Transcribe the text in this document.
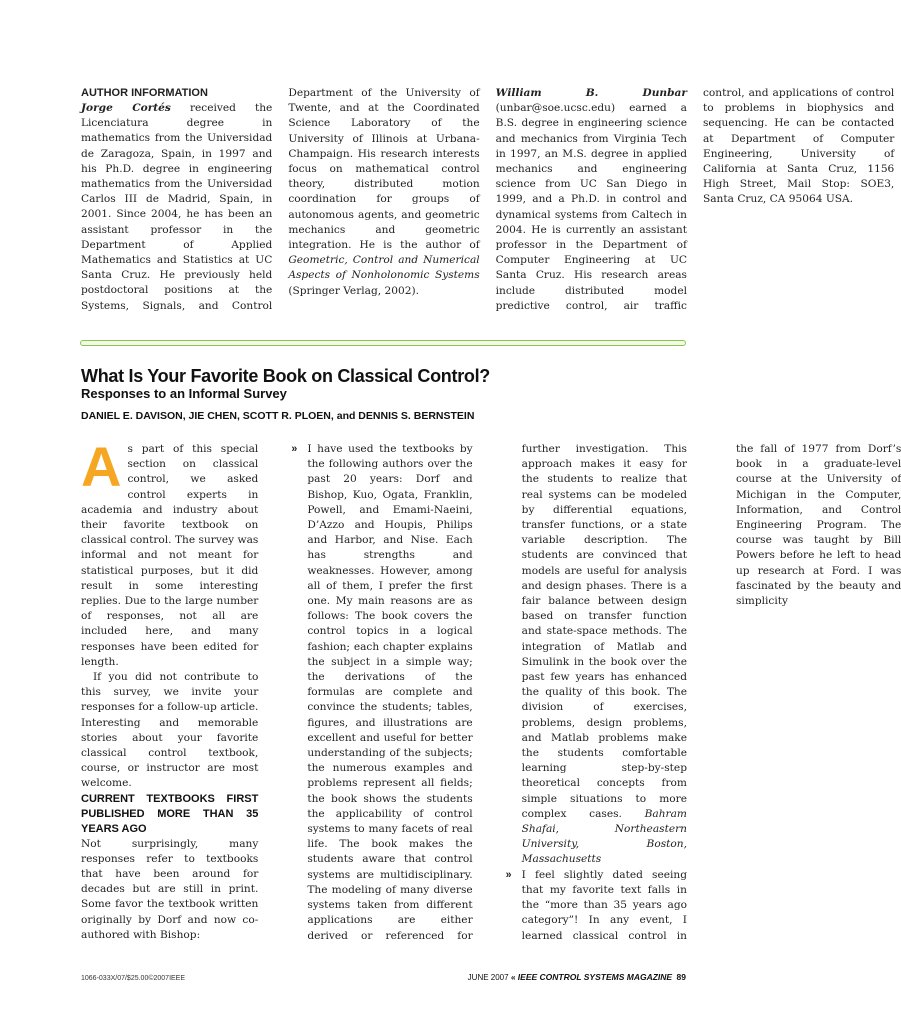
AUTHOR INFORMATION

Jorge Cortés received the Licenciatura degree in mathematics from the Universidad de Zaragoza, Spain, in 1997 and his Ph.D. degree in engineering mathematics from the Universidad Carlos III de Madrid, Spain, in 2001. Since 2004, he has been an assistant professor in the Department of Applied Mathematics and Statistics at UC Santa Cruz. He previously held postdoctoral positions at the Systems, Signals, and Control Department of the University of Twente, and at the Coordinated Science Laboratory of the University of Illinois at Urbana-Champaign. His research interests focus on mathematical control theory, distributed motion coordination for groups of autonomous agents, and geometric mechanics and geometric integration. He is the author of Geometric, Control and Numerical Aspects of Nonholonomic Systems (Springer Verlag, 2002).

William B. Dunbar (unbar@soe.ucsc.edu) earned a B.S. degree in engineering science and mechanics from Virginia Tech in 1997, an M.S. degree in applied mechanics and engineering science from UC San Diego in 1999, and a Ph.D. in control and dynamical systems from Caltech in 2004. He is currently an assistant professor in the Department of Computer Engineering at UC Santa Cruz. His research areas include distributed model predictive control, air traffic control, and applications of control to problems in biophysics and sequencing. He can be contacted at Department of Computer Engineering, University of California at Santa Cruz, 1156 High Street, Mail Stop: SOE3, Santa Cruz, CA 95064 USA.

What Is Your Favorite Book on Classical Control?
Responses to an Informal Survey

DANIEL E. DAVISON, JIE CHEN, SCOTT R. PLOEN, and DENNIS S. BERNSTEIN

As part of this special section on classical control, we asked control experts in academia and industry about their favorite textbook on classical control. The survey was informal and not meant for statistical purposes, but it did result in some interesting replies. Due to the large number of responses, not all are included here, and many responses have been edited for length.

If you did not contribute to this survey, we invite your responses for a follow-up article. Interesting and memorable stories about your favorite classical control textbook, course, or instructor are most welcome.

CURRENT TEXTBOOKS FIRST PUBLISHED MORE THAN 35 YEARS AGO

Not surprisingly, many responses refer to textbooks that have been around for decades but are still in print. Some favor the textbook written originally by Dorf and now co-authored with Bishop:

» I have used the textbooks by the following authors over the past 20 years: Dorf and Bishop, Kuo, Ogata, Franklin, Powell, and Emami-Naeini, D’Azzo and Houpis, Philips and Harbor, and Nise. Each has strengths and weaknesses. However, among all of them, I prefer the first one. My main reasons are as follows: The book covers the control topics in a logical fashion; each chapter explains the subject in a simple way; the derivations of the formulas are complete and convince the students; tables, figures, and illustrations are excellent and useful for better understanding of the subjects; the numerous examples and problems represent all fields; the book shows the students the applicability of control systems to many facets of real life. The book makes the students aware that control systems are multidisciplinary. The modeling of many diverse systems taken from different applications are either derived or referenced for further investigation. This approach makes it easy for the students to realize that real systems can be modeled by differential equations, transfer functions, or a state variable description. The students are convinced that models are useful for analysis and design phases. There is a fair balance between design based on transfer function and state-space methods. The integration of Matlab and Simulink in the book over the past few years has enhanced the quality of this book. The division of exercises, problems, design problems, and Matlab problems make the students comfortable learning step-by-step theoretical concepts from simple situations to more complex cases. Bahram Shafai, Northeastern University, Boston, Massachusetts

» I feel slightly dated seeing that my favorite text falls in the “more than 35 years ago category”! In any event, I learned classical control in the fall of 1977 from Dorf’s book in a graduate-level course at the University of Michigan in the Computer, Information, and Control Engineering Program. The course was taught by Bill Powers before he left to head up research at Ford. I was fascinated by the beauty and simplicity

1066-033X/07/$25.00©2007IEEE	JUNE 2007 « IEEE CONTROL SYSTEMS MAGAZINE 89
